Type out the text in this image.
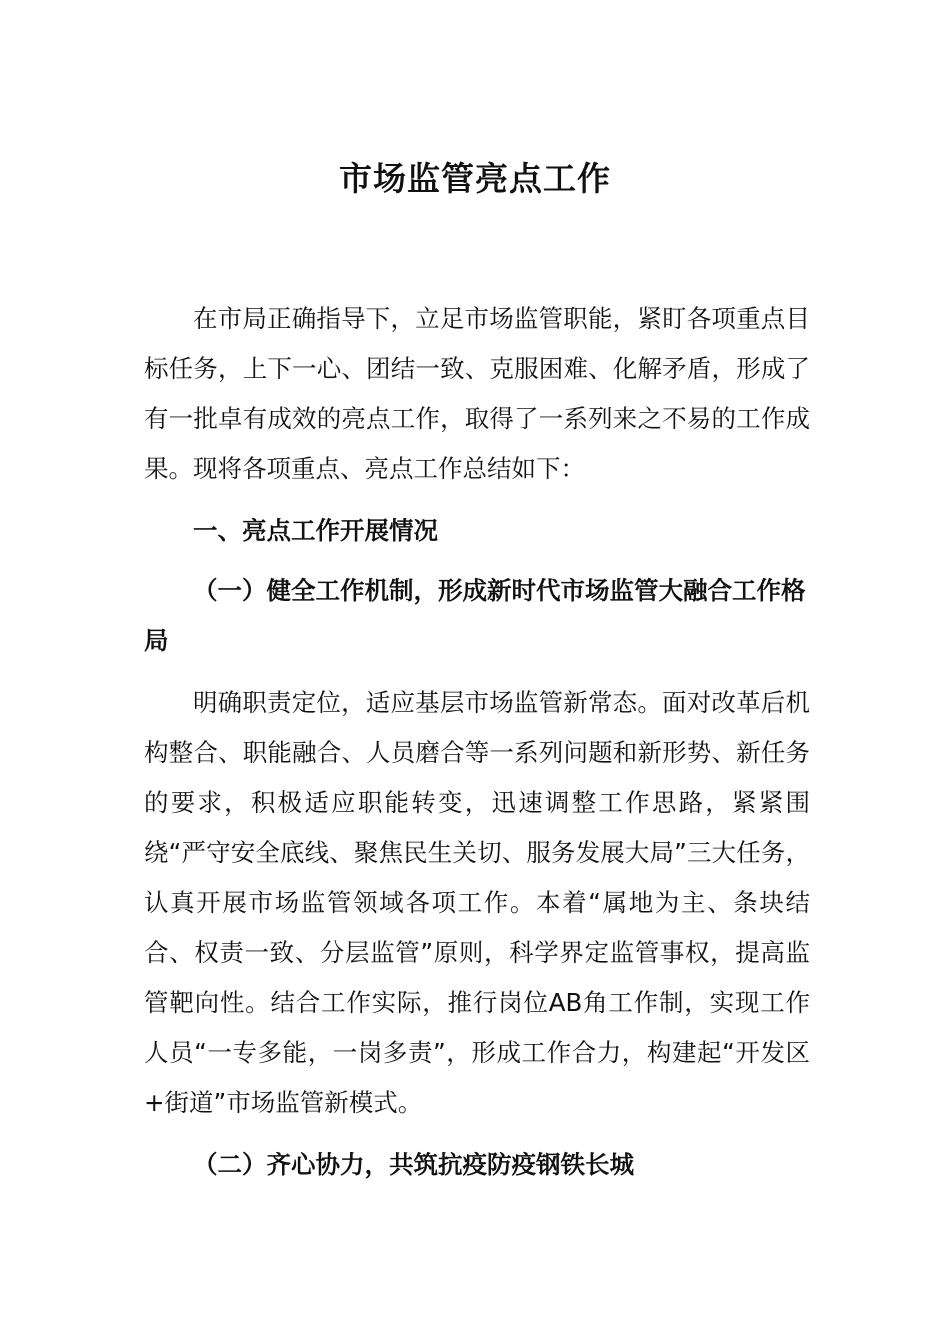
市场监管亮点工作

在市局正确指导下，立足市场监管职能，紧盯各项重点目标任务，上下一心、团结一致、克服困难、化解矛盾，形成了有一批卓有成效的亮点工作，取得了一系列来之不易的工作成果。现将各项重点、亮点工作总结如下：

一、亮点工作开展情况

（一）健全工作机制，形成新时代市场监管大融合工作格局

明确职责定位，适应基层市场监管新常态。面对改革后机构整合、职能融合、人员磨合等一系列问题和新形势、新任务的要求，积极适应职能转变，迅速调整工作思路，紧紧围绕“严守安全底线、聚焦民生关切、服务发展大局”三大任务，认真开展市场监管领域各项工作。本着“属地为主、条块结合、权责一致、分层监管”原则，科学界定监管事权，提高监管靶向性。结合工作实际，推行岗位AB角工作制，实现工作人员“一专多能，一岗多责”，形成工作合力，构建起“开发区+街道”市场监管新模式。

（二）齐心协力，共筑抗疫防疫钢铁长城
